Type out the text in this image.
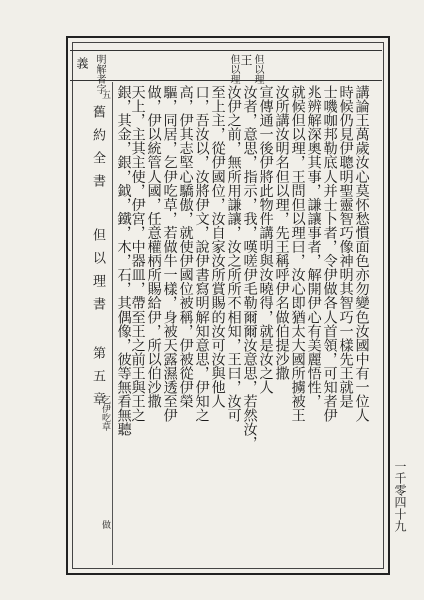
但以理 王 但以理
明解者字
義
講論王萬歲汝心莫怀愁慣面色亦勿變色汝國中有一位人
時候仍見伊聰明聖靈智巧像神明其智巧一樣先王就是
士嘰咖邦勒底人并士卜者，令伊做各人首領，可知者伊
兆辨解深奧其事，謙讓事者，解開伊心有美麗悟性，
就候但以理，王問但以理曰，汝心即猶太大國所擄被王
汝所講汝明名但以理，先王稱呼伊名做伯提沙撒
宣傳通一後伊將此物件講明與汝曉得，就是汝之人
汝者，意思，指示，我，嘆嗟伊毛勒爾爾汝意思，若然汝，
汝伊之前，無所用謙讓，汝之所所不相知，王曰，汝可
至上主，從伊國位，汝自家汝所賞賜的汝可汝與他人
口，吾汝以，汝將伊文，說伊書寫明解知意思，伊知之
高，伊其志堅心驕傲，就使伊國位被稱，伊被從伊榮
驅，同居，乞伊吃草，若做牛一樣，身被天露濕透至伊
做，伊以統管人國，任意權柄所賜給伊，所以伯沙撒
天上，主其主使，伊宮，中器皿，帶至王之前王與王之
銀，其金，銀，鉞，鐵，木，石，其偶像，彼等無看無聽
舊約全書
但以理書
第五章
一千零四十九
五
乞伊吃草
做
